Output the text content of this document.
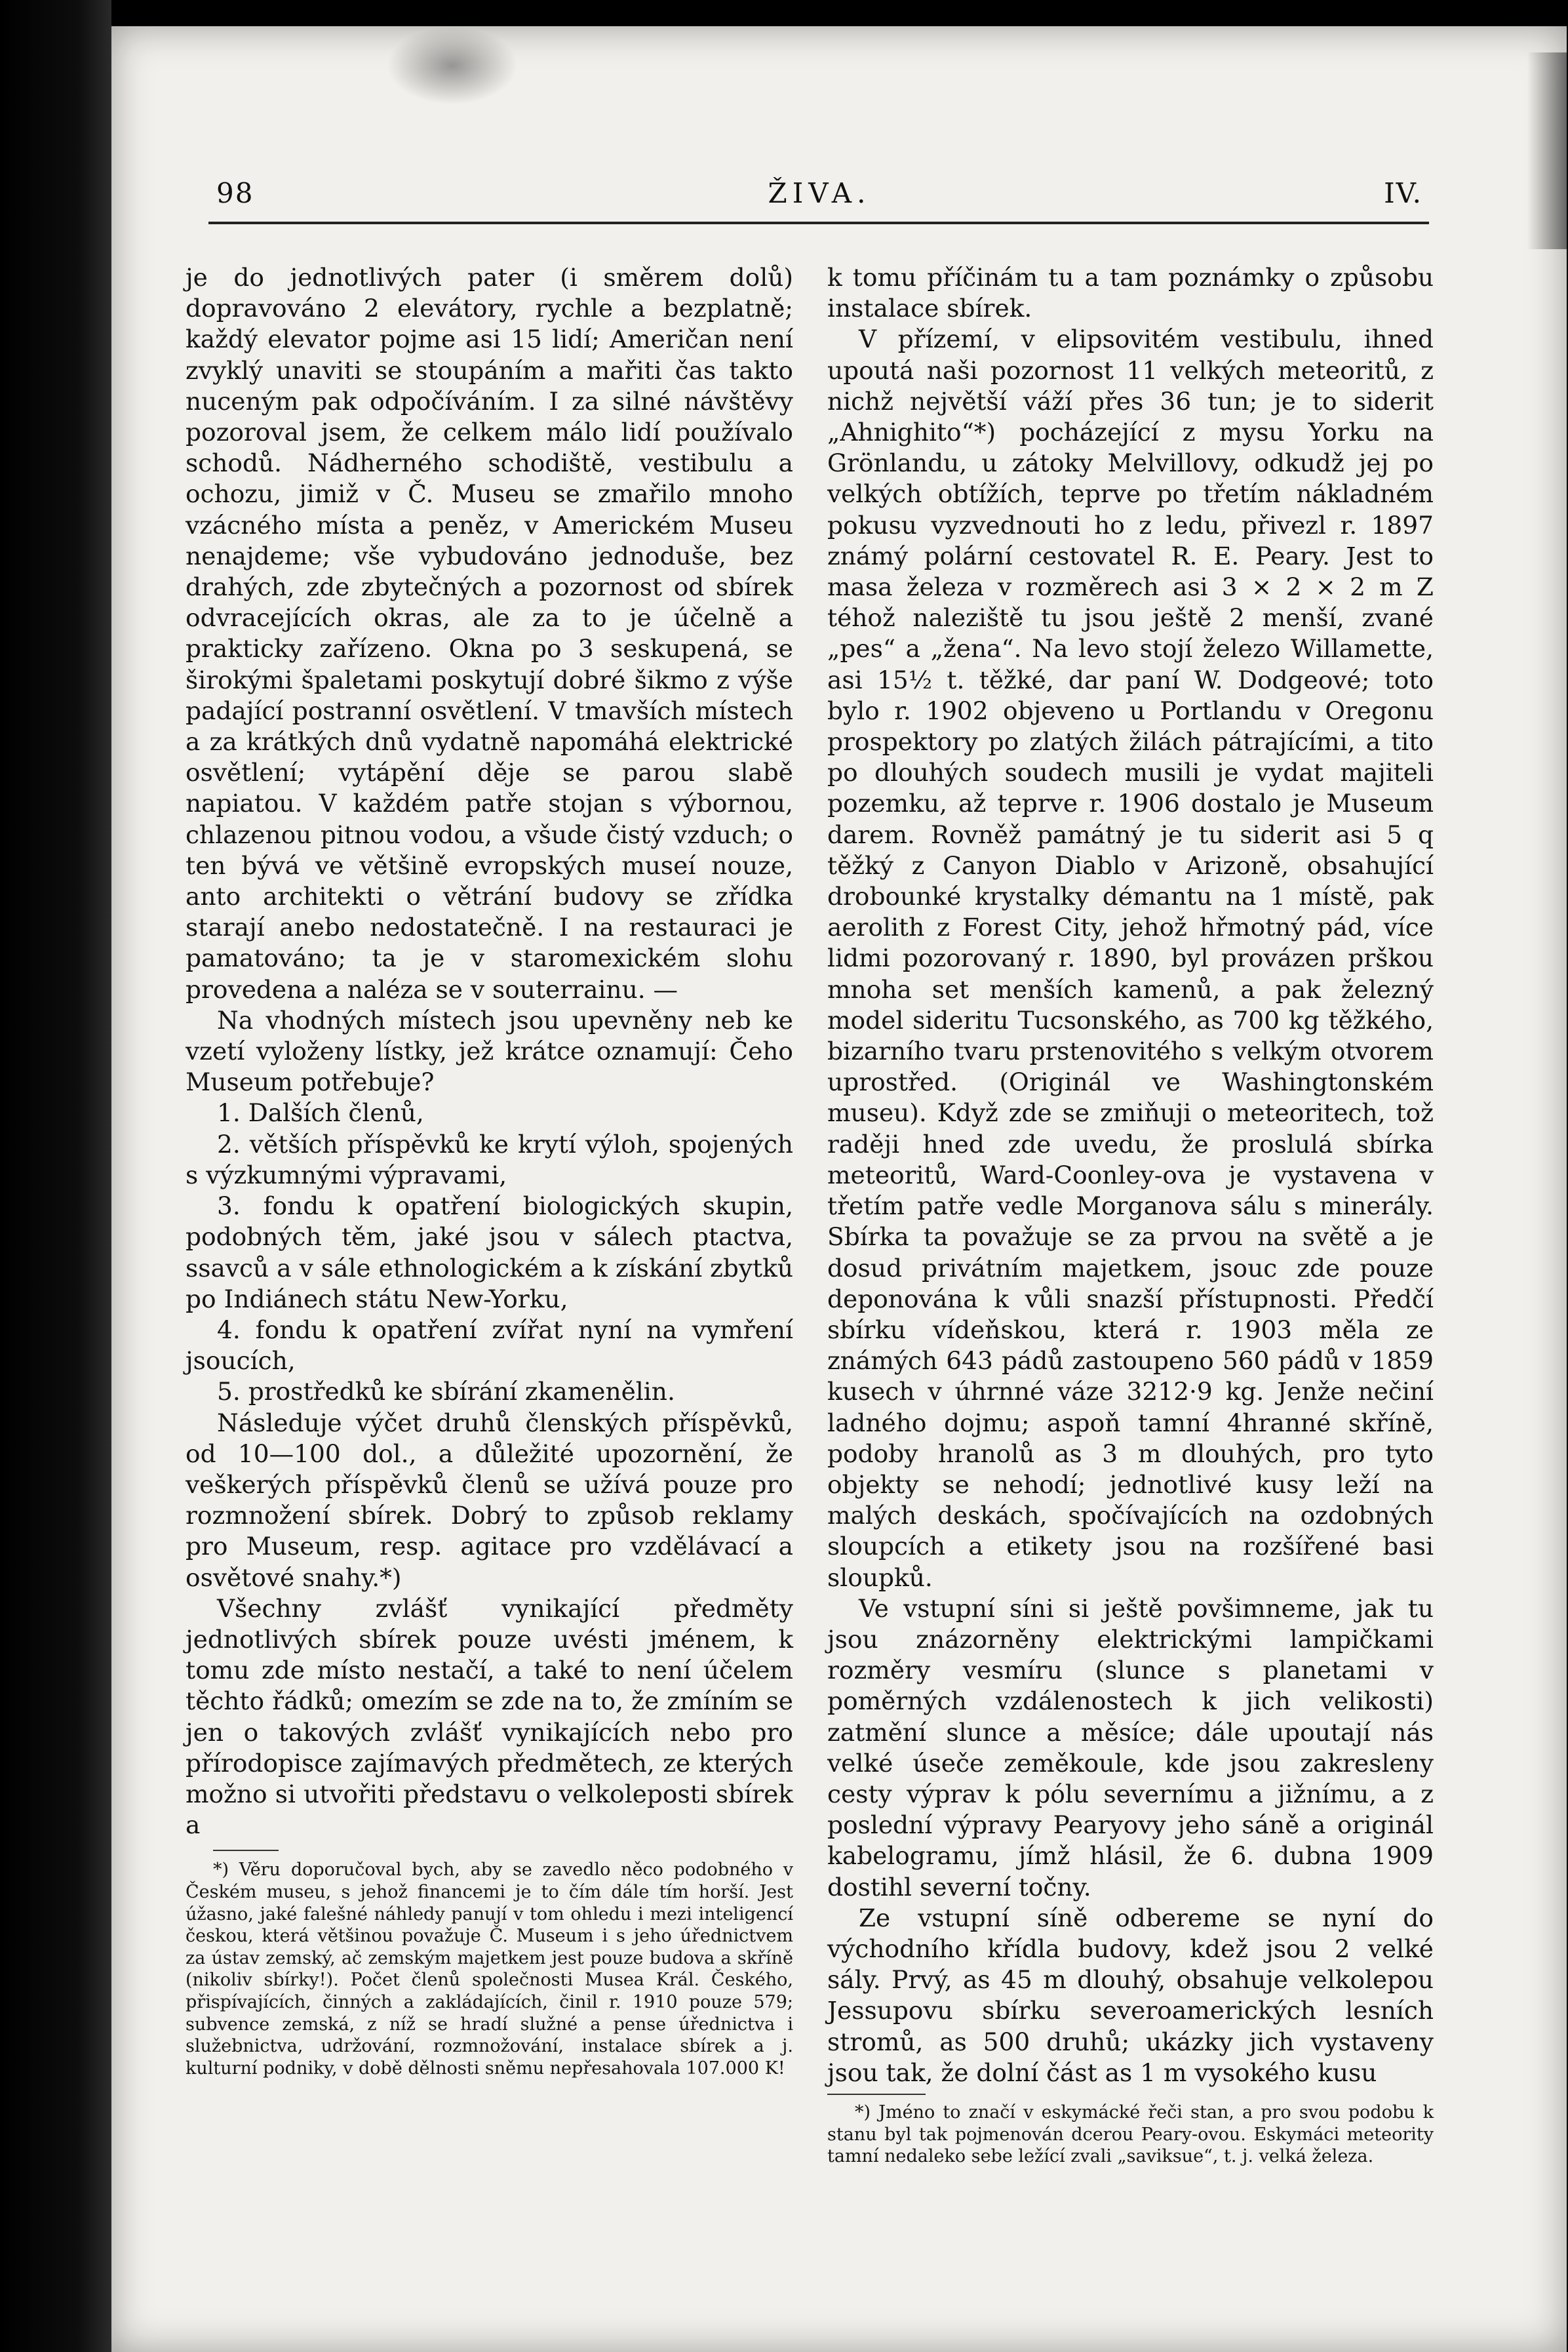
98	ŽIVA.	IV.

je do jednotlivých pater (i směrem dolů) dopravováno 2 elevátory, rychle a bezplatně; každý elevator pojme asi 15 lidí; Američan není zvyklý unaviti se stoupáním a mařiti čas takto nuceným pak odpočíváním. I za silné návštěvy pozoroval jsem, že celkem málo lidí používalo schodů. Nádherného schodiště, vestibulu a ochozu, jimiž v Č. Museu se zmařilo mnoho vzácného místa a peněz, v Americkém Museu nenajdeme; vše vybudováno jednoduše, bez drahých, zde zbytečných a pozornost od sbírek odvracejících okras, ale za to je účelně a prakticky zařízeno. Okna po 3 seskupená, se širokými špaletami poskytují dobré šikmo z výše padající postranní osvětlení. V tmavších místech a za krátkých dnů vydatně napomáhá elektrické osvětlení; vytápění děje se parou slabě napiatou. V každém patře stojan s výbornou, chlazenou pitnou vodou, a všude čistý vzduch; o ten bývá ve většině evropských museí nouze, anto architekti o větrání budovy se zřídka starají anebo nedostatečně. I na restauraci je pamatováno; ta je v staromexickém slohu provedena a naléza se v souterrainu. —

Na vhodných místech jsou upevněny neb ke vzetí vyloženy lístky, jež krátce oznamují: Čeho Museum potřebuje?

1. Dalších členů,

2. větších příspěvků ke krytí výloh, spojených s výzkumnými výpravami,

3. fondu k opatření biologických skupin, podobných těm, jaké jsou v sálech ptactva, ssavců a v sále ethnologickém a k získání zbytků po Indiánech státu New-Yorku,

4. fondu k opatření zvířat nyní na vymření jsoucích,

5. prostředků ke sbírání zkamenělin.

Následuje výčet druhů členských příspěvků, od 10—100 dol., a důležité upozornění, že veškerých příspěvků členů se užívá pouze pro rozmnožení sbírek. Dobrý to způsob reklamy pro Museum, resp. agitace pro vzdělávací a osvětové snahy.*)

Všechny zvlášť vynikající předměty jednotlivých sbírek pouze uvésti jménem, k tomu zde místo nestačí, a také to není účelem těchto řádků; omezím se zde na to, že zmíním se jen o takových zvlášť vynikajících nebo pro přírodopisce zajímavých předmětech, ze kterých možno si utvořiti představu o velkoleposti sbírek a

*) Věru doporučoval bych, aby se zavedlo něco podobného v Českém museu, s jehož financemi je to čím dále tím horší. Jest úžasno, jaké falešné náhledy panují v tom ohledu i mezi inteligencí českou, která většinou považuje Č. Museum i s jeho úřednictvem za ústav zemský, ač zemským majetkem jest pouze budova a skříně (nikoliv sbírky!). Počet členů společnosti Musea Král. Českého, přispívajících, činných a zakládajících, činil r. 1910 pouze 579; subvence zemská, z níž se hradí služné a pense úřednictva i služebnictva, udržování, rozmnožování, instalace sbírek a j. kulturní podniky, v době dělnosti sněmu nepřesahovala 107.000 K!

k tomu příčinám tu a tam poznámky o způsobu instalace sbírek.

V přízemí, v elipsovitém vestibulu, ihned upoutá naši pozornost 11 velkých meteoritů, z nichž největší váží přes 36 tun; je to siderit „Ahnighito“*) pocházející z mysu Yorku na Grönlandu, u zátoky Melvillovy, odkudž jej po velkých obtížích, teprve po třetím nákladném pokusu vyzvednouti ho z ledu, přivezl r. 1897 známý polární cestovatel R. E. Peary. Jest to masa železa v rozměrech asi 3 × 2 × 2 m Z téhož naleziště tu jsou ještě 2 menší, zvané „pes“ a „žena“. Na levo stojí železo Willamette, asi 15½ t. těžké, dar paní W. Dodgeové; toto bylo r. 1902 objeveno u Portlandu v Oregonu prospektory po zlatých žilách pátrajícími, a tito po dlouhých soudech musili je vydat majiteli pozemku, až teprve r. 1906 dostalo je Museum darem. Rovněž památný je tu siderit asi 5 q těžký z Canyon Diablo v Arizoně, obsahující drobounké krystalky démantu na 1 místě, pak aerolith z Forest City, jehož hřmotný pád, více lidmi pozorovaný r. 1890, byl provázen prškou mnoha set menších kamenů, a pak železný model sideritu Tucsonského, as 700 kg těžkého, bizarního tvaru prstenovitého s velkým otvorem uprostřed. (Originál ve Washingtonském museu). Když zde se zmiňuji o meteoritech, tož raději hned zde uvedu, že proslulá sbírka meteoritů, Ward-Coonley-ova je vystavena v třetím patře vedle Morganova sálu s minerály. Sbírka ta považuje se za prvou na světě a je dosud privátním majetkem, jsouc zde pouze deponována k vůli snazší přístupnosti. Předčí sbírku vídeňskou, která r. 1903 měla ze známých 643 pádů zastoupeno 560 pádů v 1859 kusech v úhrnné váze 3212·9 kg. Jenže nečiní ladného dojmu; aspoň tamní 4hranné skříně, podoby hranolů as 3 m dlouhých, pro tyto objekty se nehodí; jednotlivé kusy leží na malých deskách, spočívajících na ozdobných sloupcích a etikety jsou na rozšířené basi sloupků.

Ve vstupní síni si ještě povšimneme, jak tu jsou znázorněny elektrickými lampičkami rozměry vesmíru (slunce s planetami v poměrných vzdálenostech k jich velikosti) zatmění slunce a měsíce; dále upoutají nás velké úseče zeměkoule, kde jsou zakresleny cesty výprav k pólu severnímu a jižnímu, a z poslední výpravy Pearyovy jeho sáně a originál kabelogramu, jímž hlásil, že 6. dubna 1909 dostihl severní točny.

Ze vstupní síně odbereme se nyní do východního křídla budovy, kdež jsou 2 velké sály. Prvý, as 45 m dlouhý, obsahuje velkolepou Jessupovu sbírku severoamerických lesních stromů, as 500 druhů; ukázky jich vystaveny jsou tak, že dolní část as 1 m vysokého kusu

*) Jméno to značí v eskymácké řeči stan, a pro svou podobu k stanu byl tak pojmenován dcerou Peary-ovou. Eskymáci meteority tamní nedaleko sebe ležící zvali „saviksue“, t. j. velká železa.
